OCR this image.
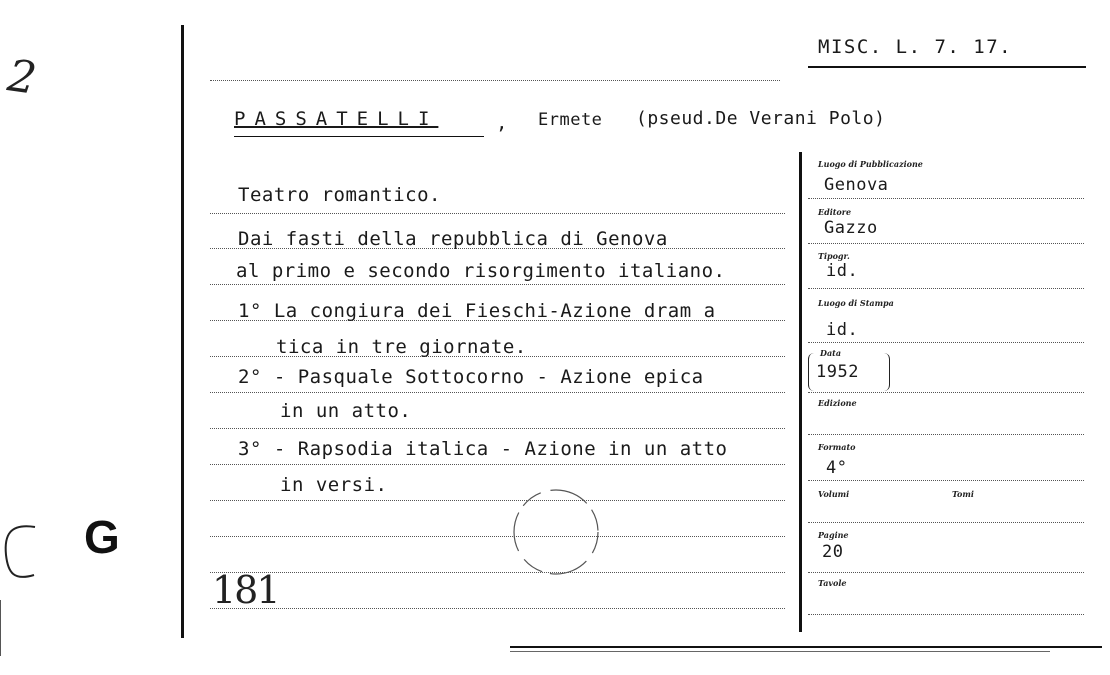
2
G
MISC. L. 7. 17.
PASSATELLI	, Ermete (pseud.De Verani Polo)
Teatro romantico.
Dai fasti della repubblica di Genova
al primo e secondo risorgimento italiano.
1° La congiura dei Fieschi-Azione dram a
tica in tre giornate.
2° - Pasquale Sottocorno - Azione epica
in un atto.
3° - Rapsodia italica - Azione in un atto
in versi.
181
Luogo di Pubblicazione
Genova
Editore
Gazzo
Tipogr.
id.
Luogo di Stampa
id.
Data
1952
Edizione
Formato
4°
Volumi	Tomi
Pagine
20
Tavole
